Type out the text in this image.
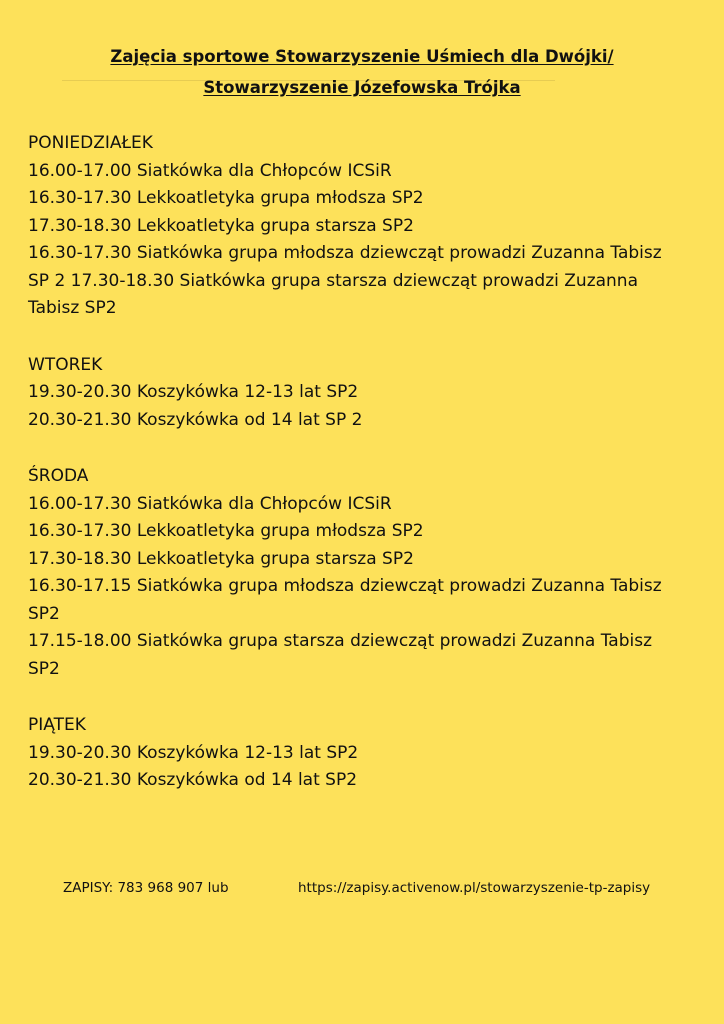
Zajęcia sportowe Stowarzyszenie Uśmiech dla Dwójki/
Stowarzyszenie Józefowska Trójka
PONIEDZIAŁEK
16.00-17.00 Siatkówka dla Chłopców ICSiR
16.30-17.30 Lekkoatletyka grupa młodsza SP2
17.30-18.30 Lekkoatletyka grupa starsza SP2
16.30-17.30 Siatkówka grupa młodsza dziewcząt prowadzi Zuzanna Tabisz
SP 2 17.30-18.30 Siatkówka grupa starsza dziewcząt prowadzi Zuzanna
Tabisz SP2
WTOREK
19.30-20.30 Koszykówka 12-13 lat SP2
20.30-21.30 Koszykówka od 14 lat SP 2
ŚRODA
16.00-17.30 Siatkówka dla Chłopców ICSiR
16.30-17.30 Lekkoatletyka grupa młodsza SP2
17.30-18.30 Lekkoatletyka grupa starsza SP2
16.30-17.15 Siatkówka grupa młodsza dziewcząt prowadzi Zuzanna Tabisz
SP2
17.15-18.00 Siatkówka grupa starsza dziewcząt prowadzi Zuzanna Tabisz
SP2
PIĄTEK
19.30-20.30 Koszykówka 12-13 lat SP2
20.30-21.30 Koszykówka od 14 lat SP2
ZAPISY: 783 968 907 lub	https://zapisy.activenow.pl/stowarzyszenie-tp-zapisy
